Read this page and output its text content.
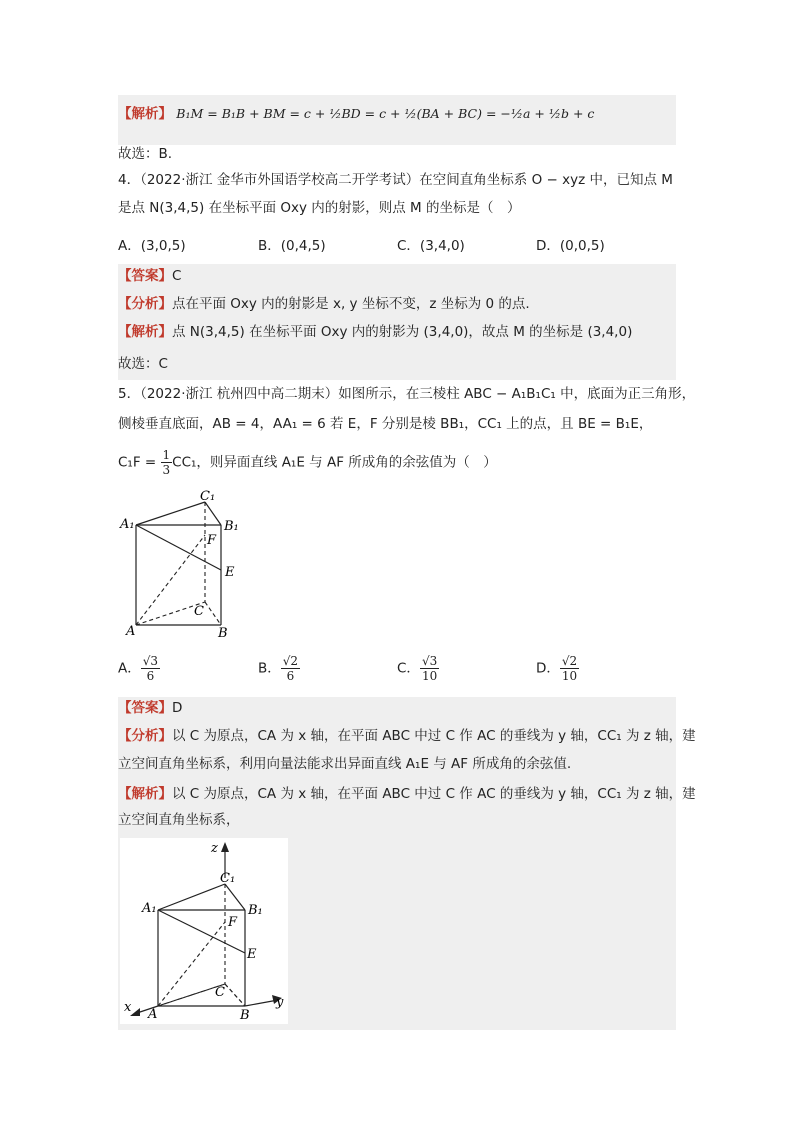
【解析】 B₁M = B₁B + BM = c + ½BD = c + ½(BA + BC) = −½a + ½b + c
故选：B.
4．（2022·浙江 金华市外国语学校高二开学考试）在空间直角坐标系 O − xyz 中，已知点 M
是点 N(3,4,5) 在坐标平面 Oxy 内的射影，则点 M 的坐标是（　）
A．(3,0,5)	B．(0,4,5)	C．(3,4,0)	D．(0,0,5)
【答案】C
【分析】点在平面 Oxy 内的射影是 x, y 坐标不变，z 坐标为 0 的点.
【解析】点 N(3,4,5) 在坐标平面 Oxy 内的射影为 (3,4,0)，故点 M 的坐标是 (3,4,0)
故选：C
5．（2022·浙江 杭州四中高二期末）如图所示，在三棱柱 ABC − A₁B₁C₁ 中，底面为正三角形，
侧棱垂直底面，AB = 4，AA₁ = 6 若 E，F 分别是棱 BB₁，CC₁ 上的点，且 BE = B₁E，
$C_1F = \frac{1}{3} CC_1$，则异面直线 A₁E 与 AF 所成角的余弦值为（　）
C₁
A₁	B₁
F
E
C
A	B
A． $\frac{√3}{6}$	B． $\frac{√2}{6}$	C． $\frac{√3}{10}$	D． $\frac{√2}{10}$
【答案】D
【分析】以 C 为原点，CA 为 x 轴，在平面 ABC 中过 C 作 AC 的垂线为 y 轴，CC₁ 为 z 轴，建
立空间直角坐标系，利用向量法能求出异面直线 A₁E 与 AF 所成角的余弦值.
【解析】以 C 为原点，CA 为 x 轴，在平面 ABC 中过 C 作 AC 的垂线为 y 轴，CC₁ 为 z 轴，建
立空间直角坐标系，
z
C₁
A₁	B₁
F
E
C
A	B
x	y
